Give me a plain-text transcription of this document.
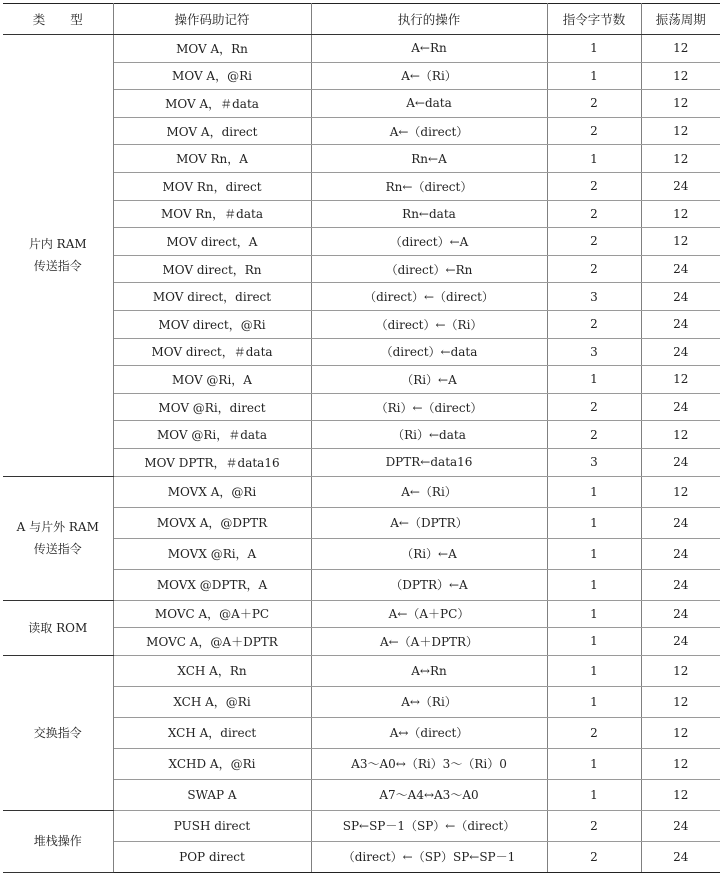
类　　型	操作码助记符	执行的操作	指令字节数	振荡周期

片内 RAM
传送指令	MOV A，Rn	A←Rn	1	12
	MOV A，@Ri	A←（Ri）	1	12
	MOV A，＃data	A←data	2	12
	MOV A，direct	A←（direct）	2	12
	MOV Rn，A	Rn←A	1	12
	MOV Rn，direct	Rn←（direct）	2	24
	MOV Rn，＃data	Rn←data	2	12
	MOV direct，A	（direct）←A	2	12
	MOV direct，Rn	（direct）←Rn	2	24
	MOV direct，direct	（direct）←（direct）	3	24
	MOV direct，@Ri	（direct）←（Ri）	2	24
	MOV direct，＃data	（direct）←data	3	24
	MOV @Ri，A	（Ri）←A	1	12
	MOV @Ri，direct	（Ri）←（direct）	2	24
	MOV @Ri，＃data	（Ri）←data	2	12
	MOV DPTR，＃data16	DPTR←data16	3	24

A 与片外 RAM
传送指令	MOVX A，@Ri	A←（Ri）	1	12
	MOVX A，@DPTR	A←（DPTR）	1	24
	MOVX @Ri，A	（Ri）←A	1	24
	MOVX @DPTR，A	（DPTR）←A	1	24

读取 ROM	MOVC A，@A＋PC	A←（A＋PC）	1	24
	MOVC A，@A＋DPTR	A←（A＋DPTR）	1	24

交换指令	XCH A，Rn	A↔Rn	1	12
	XCH A，@Ri	A↔（Ri）	1	12
	XCH A，direct	A↔（direct）	2	12
	XCHD A，@Ri	A3～A0↔（Ri）3～（Ri）0	1	12
	SWAP A	A7～A4↔A3～A0	1	12

堆栈操作	PUSH direct	SP←SP－1（SP）←（direct）	2	24
	POP direct	（direct）←（SP）SP←SP－1	2	24
